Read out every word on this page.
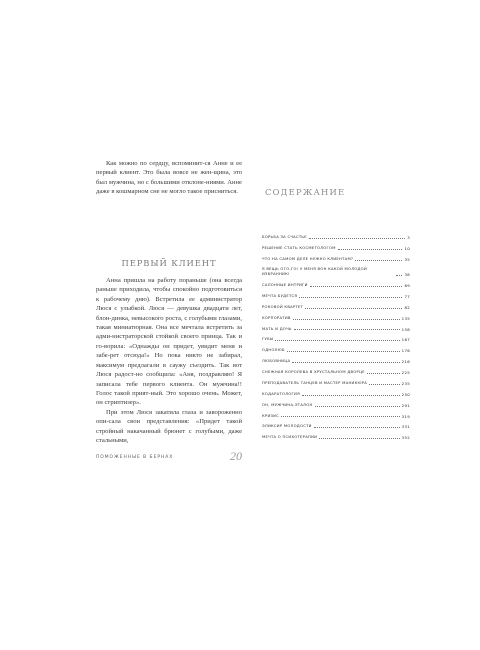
Как можно по сердцу, вспоминит-ся Анне и ее первый клиент. Это была вовсе не жен-щина, это был мужчина, но с большими отклоне-ниями. Анне даже в кошмарном сне не могло такое присниться.

ПЕРВЫЙ КЛИЕНТ

Анна пришла на работу пораньше (она всегда раньше приходила, чтобы спокойно подготовиться к рабочему дню). Встретила ее администратор Люся с улыбкой. Люся — девушка двадцати лет, блон-динка, невысокого роста, с голубыми глазами, такая миниатюрная. Она все мечтала встретить за адми-нистраторской стойкой своего принца. Так и го-ворила: «Однажды он придет, увидит меня и забе-рет отсюда!» Но пока никто не забирал, максимум предлагали в саужу съездить. Так вот Люся радост-но сообщила: «Аня, поздравляю! Я записала тебе первого клиента. Он мужчина!! Голос такой прият-ный. Это хорошо очень. Может, он стриптизер».

При этом Люся закатила глаза и завороженно опи-сала свои представления: «Придет такой стройный накачанный брюнет с голубыми, даже стальными,

ПОМОЖЕННЫЕ В БЕРНАХ	20
СОДЕРЖАНИЕ
БОРЬБА ЗА СЧАСТЬЕ	3
РЕШЕНИЕ СТАТЬ КОСМЕТОЛОГОМ	10
ЧТО НА САМОМ ДЕЛЕ НУЖНО КЛИЕНТАМ?	35
Я ВЕЩЬ ОГО-ГО! У МЕНЯ ВОН КАКОЙ МОЛОДОЙ ИЗБРАННИК!	38
САЛОННЫЕ ИНТРИГИ	69
МЕЧТА БУДЕТСЯ	77
РОКОВОЙ КВАРТЕТ	82
КОРПОРАТИВ	135
МАТЬ И ДОЧЬ	158
ГУБЫ	167
ОДНОЛЮБ	176
ЛЮБОВНИЦА	216
СНЕЖНАЯ КОРОЛЕВА В ХРУСТАЛЬНОМ ДВОРЦЕ	225
ПРЕПОДАВАТЕЛЬ ТАНЦЕВ И МАСТЕР МАНИКЮРА	235
КОДАРАТОЛОГИЯ	250
ОН, МУЖЧИНА-ЭТАЛОН	291
КРИЗИС	319
ЭЛИКСИР МОЛОДОСТИ	331
МЕЧТА О ПСИХОТЕРАПИИ	352
